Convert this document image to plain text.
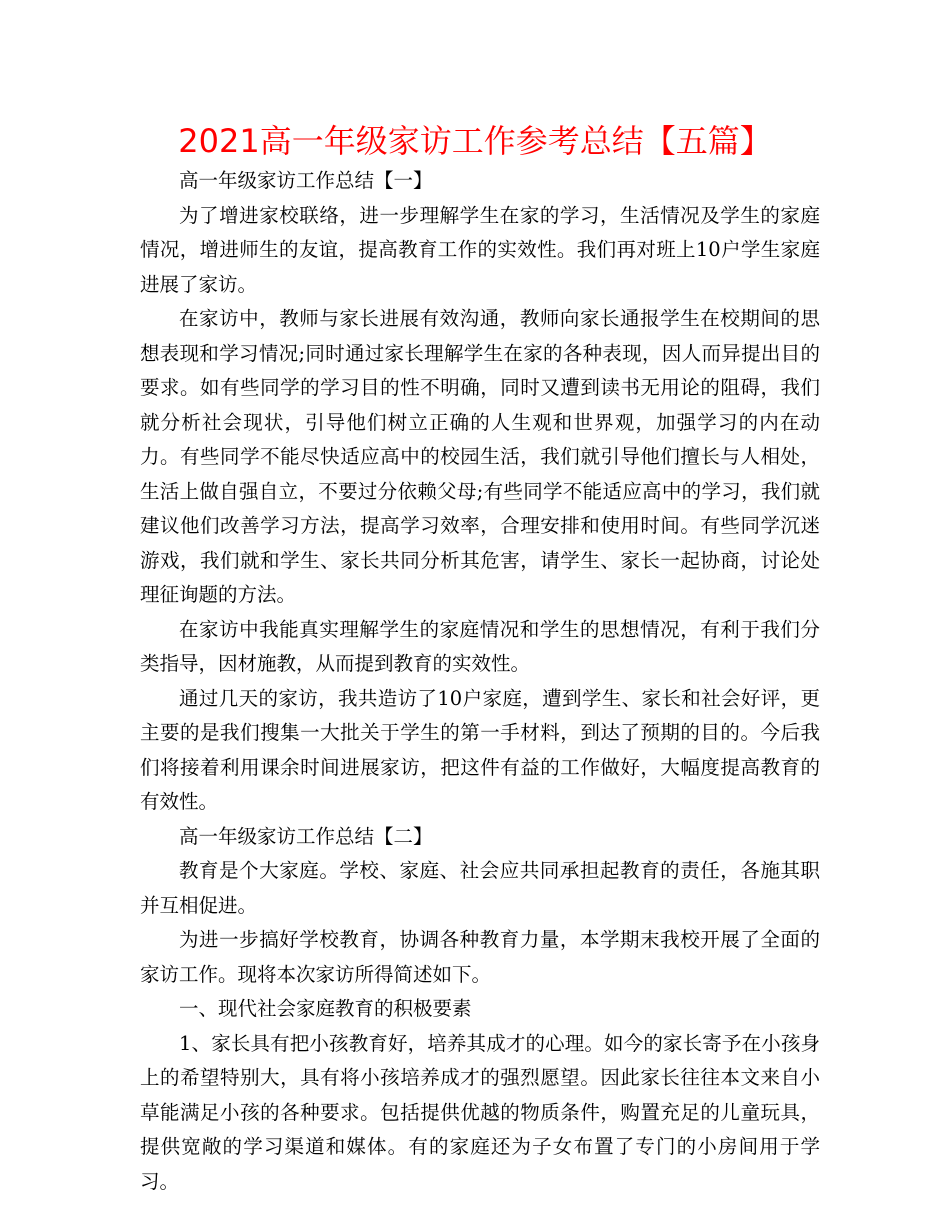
2021高一年级家访工作参考总结【五篇】

高一年级家访工作总结【一】

为了增进家校联络，进一步理解学生在家的学习，生活情况及学生的家庭情况，增进师生的友谊，提高教育工作的实效性。我们再对班上10户学生家庭进展了家访。

在家访中，教师与家长进展有效沟通，教师向家长通报学生在校期间的思想表现和学习情况;同时通过家长理解学生在家的各种表现，因人而异提出目的要求。如有些同学的学习目的性不明确，同时又遭到读书无用论的阻碍，我们就分析社会现状，引导他们树立正确的人生观和世界观，加强学习的内在动力。有些同学不能尽快适应高中的校园生活，我们就引导他们擅长与人相处，生活上做自强自立，不要过分依赖父母;有些同学不能适应高中的学习，我们就建议他们改善学习方法，提高学习效率，合理安排和使用时间。有些同学沉迷游戏，我们就和学生、家长共同分析其危害，请学生、家长一起协商，讨论处理征询题的方法。

在家访中我能真实理解学生的家庭情况和学生的思想情况，有利于我们分类指导，因材施教，从而提到教育的实效性。

通过几天的家访，我共造访了10户家庭，遭到学生、家长和社会好评，更主要的是我们搜集一大批关于学生的第一手材料，到达了预期的目的。今后我们将接着利用课余时间进展家访，把这件有益的工作做好，大幅度提高教育的有效性。

高一年级家访工作总结【二】

教育是个大家庭。学校、家庭、社会应共同承担起教育的责任，各施其职并互相促进。

为进一步搞好学校教育，协调各种教育力量，本学期末我校开展了全面的家访工作。现将本次家访所得简述如下。

一、现代社会家庭教育的积极要素

1、家长具有把小孩教育好，培养其成才的心理。如今的家长寄予在小孩身上的希望特别大，具有将小孩培养成才的强烈愿望。因此家长往往本文来自小草能满足小孩的各种要求。包括提供优越的物质条件，购置充足的儿童玩具，提供宽敞的学习渠道和媒体。有的家庭还为子女布置了专门的小房间用于学习。
